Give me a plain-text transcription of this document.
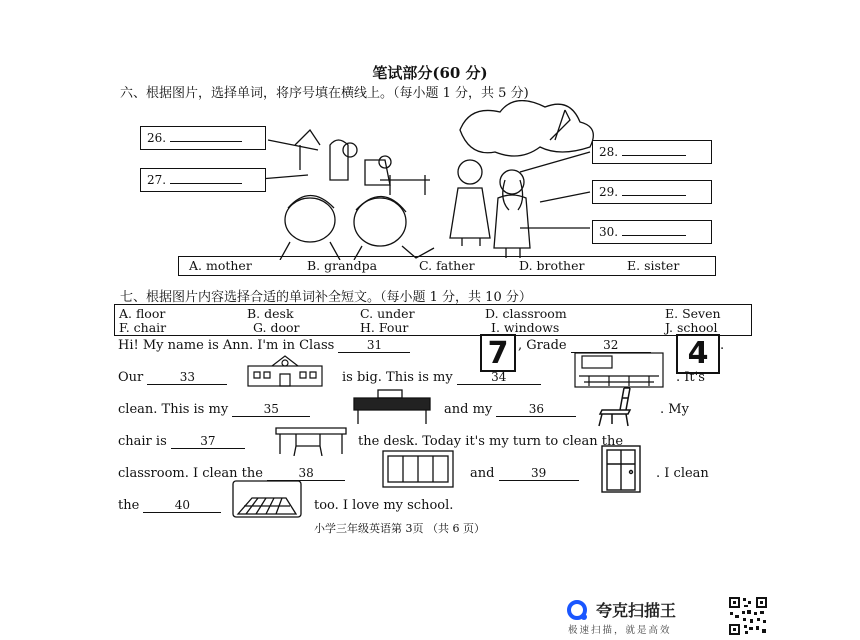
笔试部分(60 分)
六、根据图片，选择单词，将序号填在横线上。（每小题 1 分，共 5 分)
26.
27.
28.
29.
30.
A. mother	B. grandpa	C. father	D. brother	E. sister
七、根据图片内容选择合适的单词补全短文。（每小题 1 分，共 10 分）
A. floor	B. desk	C. under	D. classroom	E. Seven
F. chair	G. door	H. Four	I. windows	J. school
Hi! My name is Ann. I'm in Class	31	7 , Grade	32	4 .
Our	33	is big. This is my	34	. It's
clean. This is my	35	and my	36	. My
chair is	37	the desk. Today it's my turn to clean the
classroom. I clean the	38	and	39	. I clean
the	40	too. I love my school.
小学三年级英语第 3页 （共 6 页）
夸克扫描王
极速扫描，就是高效
